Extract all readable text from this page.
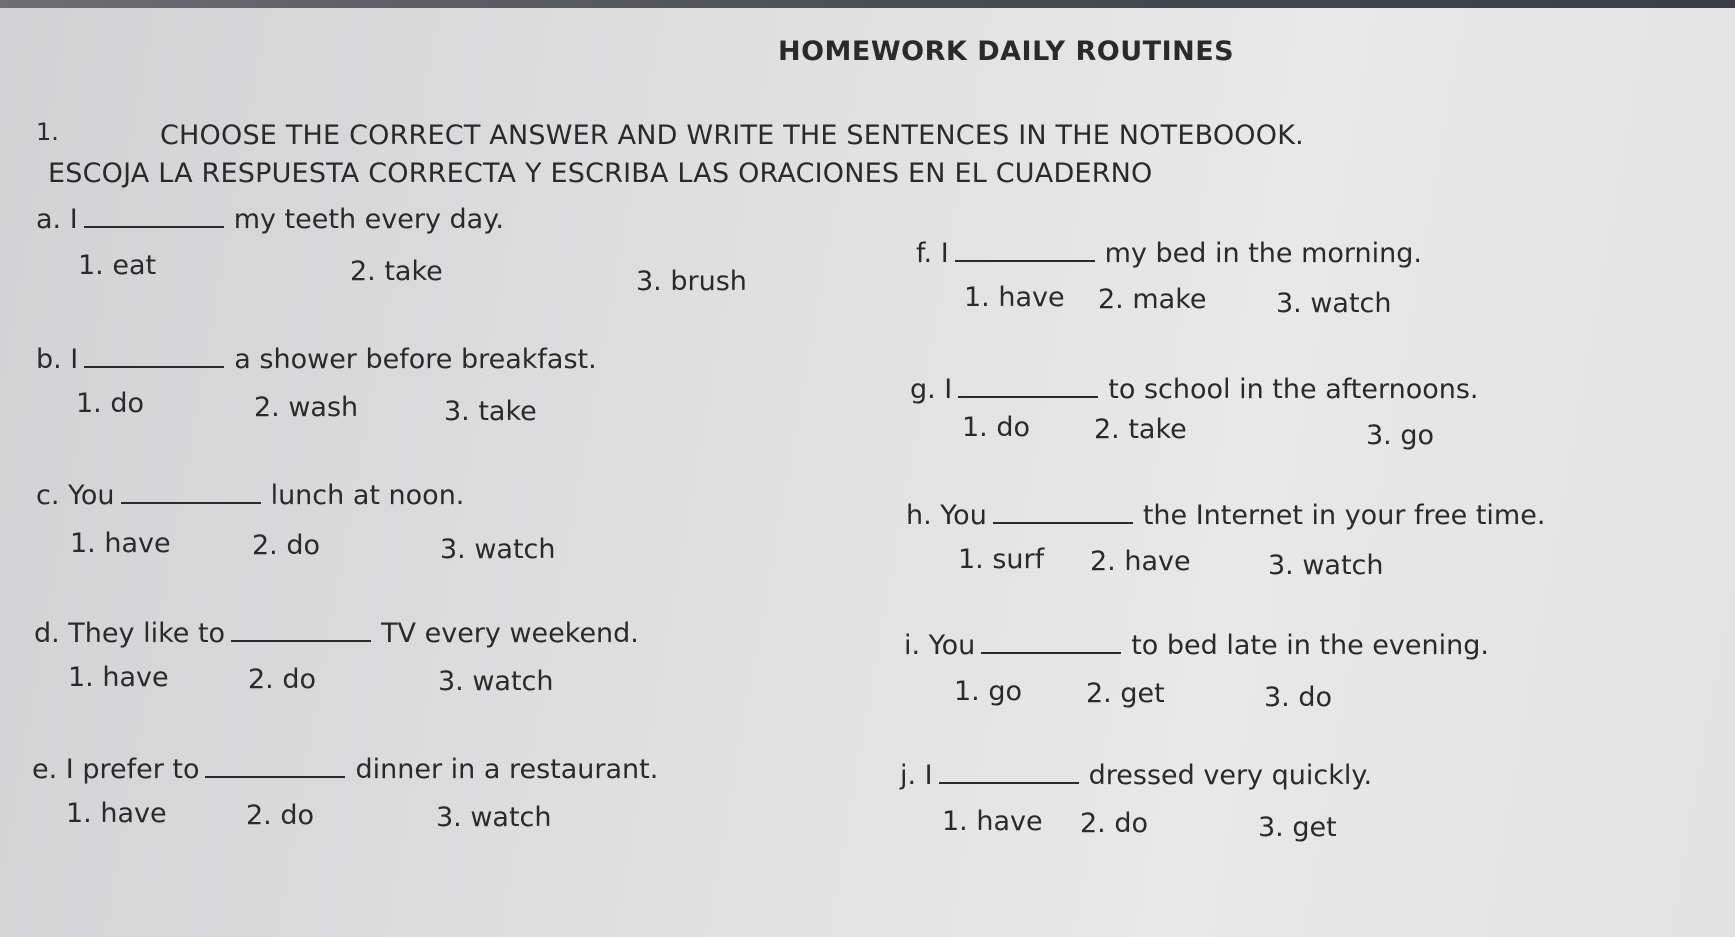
HOMEWORK DAILY ROUTINES
1.	CHOOSE THE CORRECT ANSWER AND WRITE THE SENTENCES IN THE NOTEBOOOK.
ESCOJA LA RESPUESTA CORRECTA Y ESCRIBA LAS ORACIONES EN EL CUADERNO
a. I	my teeth every day.
1. eat	2. take	3. brush
b. I	a shower before breakfast.
1. do	2. wash	3. take
c. You	lunch at noon.
1. have	2. do	3. watch
d. They like to	TV every weekend.
1. have	2. do	3. watch
e. I prefer to	dinner in a restaurant.
1. have	2. do	3. watch
f. I	my bed in the morning.
1. have 2. make	3. watch
g. I	to school in the afternoons.
1. do 2. take	3. go
h. You	the Internet in your free time.
1. surf 2. have	3. watch
i. You	to bed late in the evening.
1. go 2. get	3. do
j. I	dressed very quickly.
1. have 2. do	3. get
